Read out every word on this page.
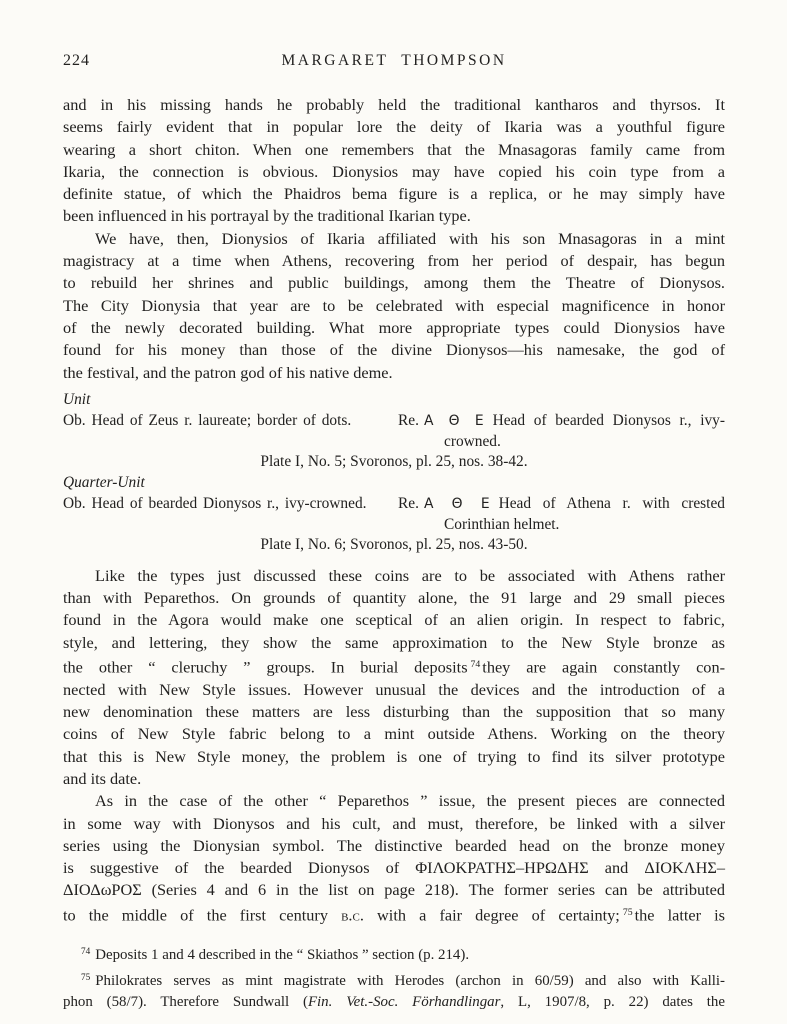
224	MARGARET THOMPSON
and in his missing hands he probably held the traditional kantharos and thyrsos. It
seems fairly evident that in popular lore the deity of Ikaria was a youthful figure
wearing a short chiton. When one remembers that the Mnasagoras family came from
Ikaria, the connection is obvious. Dionysios may have copied his coin type from a
definite statue, of which the Phaidros bema figure is a replica, or he may simply have
been influenced in his portrayal by the traditional Ikarian type.
We have, then, Dionysios of Ikaria affiliated with his son Mnasagoras in a mint
magistracy at a time when Athens, recovering from her period of despair, has begun
to rebuild her shrines and public buildings, among them the Theatre of Dionysos.
The City Dionysia that year are to be celebrated with especial magnificence in honor
of the newly decorated building. What more appropriate types could Dionysios have
found for his money than those of the divine Dionysos—his namesake, the god of
the festival, and the patron god of his native deme.
Unit
Ob. Head of Zeus r. laureate; border of dots.	Re. A Θ E Head of bearded Dionysos r., ivy-
crowned.
Plate I, No. 5; Svoronos, pl. 25, nos. 38-42.
Quarter-Unit
Ob. Head of bearded Dionysos r., ivy-crowned.	Re. A Θ E Head of Athena r. with crested
Corinthian helmet.
Plate I, No. 6; Svoronos, pl. 25, nos. 43-50.
Like the types just discussed these coins are to be associated with Athens rather
than with Peparethos. On grounds of quantity alone, the 91 large and 29 small pieces
found in the Agora would make one sceptical of an alien origin. In respect to fabric,
style, and lettering, they show the same approximation to the New Style bronze as
the other “ cleruchy ” groups. In burial deposits $^{74}$ they are again constantly con-
nected with New Style issues. However unusual the devices and the introduction of a
new denomination these matters are less disturbing than the supposition that so many
coins of New Style fabric belong to a mint outside Athens. Working on the theory
that this is New Style money, the problem is one of trying to find its silver prototype
and its date.
As in the case of the other “ Peparethos ” issue, the present pieces are connected
in some way with Dionysos and his cult, and must, therefore, be linked with a silver
series using the Dionysian symbol. The distinctive bearded head on the bronze money
is suggestive of the bearded Dionysos of ΦΙΛΟΚΡΑΤΗΣ–ΗΡΩΔΗΣ and ΔΙΟΚΛΗΣ–
ΔΙΟΔωΡΟΣ (Series 4 and 6 in the list on page 218). The former series can be attributed
to the middle of the first century b.c. with a fair degree of certainty; $^{75}$ the latter is
$^{74}$ Deposits 1 and 4 described in the “ Skiathos ” section (p. 214).
$^{75}$ Philokrates serves as mint magistrate with Herodes (archon in 60/59) and also with Kalli-
phon (58/7). Therefore Sundwall (Fin. Vet.-Soc. Förhandlingar, L, 1907/8, p. 22) dates the
